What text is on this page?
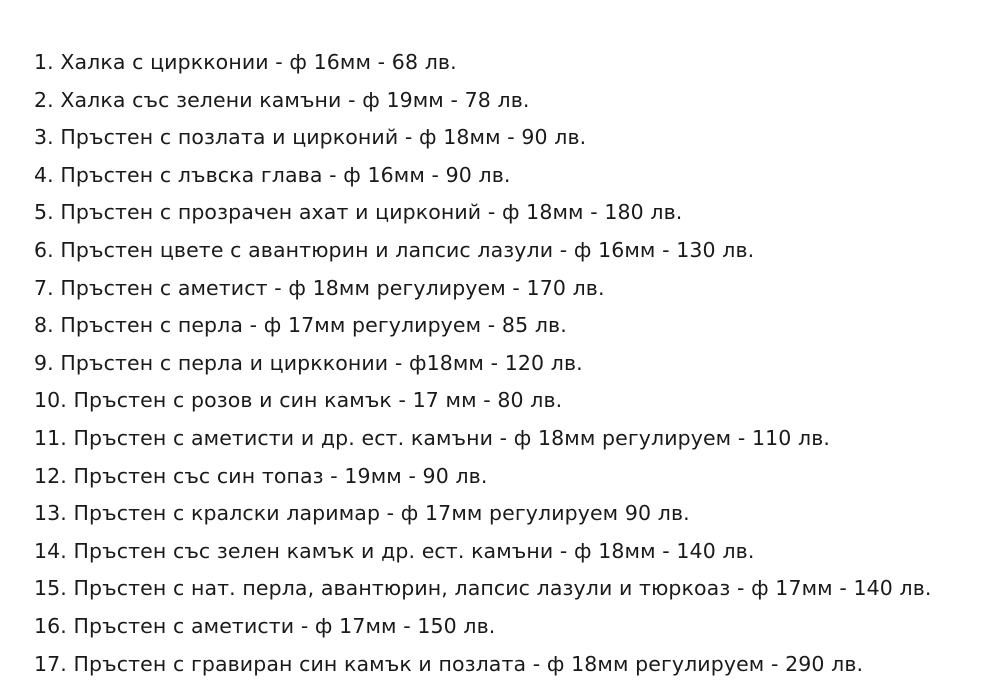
1. Халка с циркконии - ф 16мм - 68 лв.
2. Халка със зелени камъни - ф 19мм - 78 лв.
3. Пръстен с позлата и цирконий - ф 18мм - 90 лв.
4. Пръстен с лъвска глава - ф 16мм - 90 лв.
5. Пръстен с прозрачен ахат и цирконий - ф 18мм - 180 лв.
6. Пръстен цвете с авантюрин и лапсис лазули - ф 16мм - 130 лв.
7. Пръстен с аметист - ф 18мм регулируем - 170 лв.
8. Пръстен с перла - ф 17мм регулируем - 85 лв.
9. Пръстен с перла и циркконии - ф18мм - 120 лв.
10. Пръстен с розов и син камък - 17 мм - 80 лв.
11. Пръстен с аметисти и др. ест. камъни - ф 18мм регулируем - 110 лв.
12. Пръстен със син топаз - 19мм - 90 лв.
13. Пръстен с кралски ларимар - ф 17мм регулируем 90 лв.
14. Пръстен със зелен камък и др. ест. камъни - ф 18мм - 140 лв.
15. Пръстен с нат. перла, авантюрин, лапсис лазули и тюркоаз - ф 17мм - 140 лв.
16. Пръстен с аметисти - ф 17мм - 150 лв.
17. Пръстен с гравиран син камък и позлата - ф 18мм регулируем - 290 лв.
